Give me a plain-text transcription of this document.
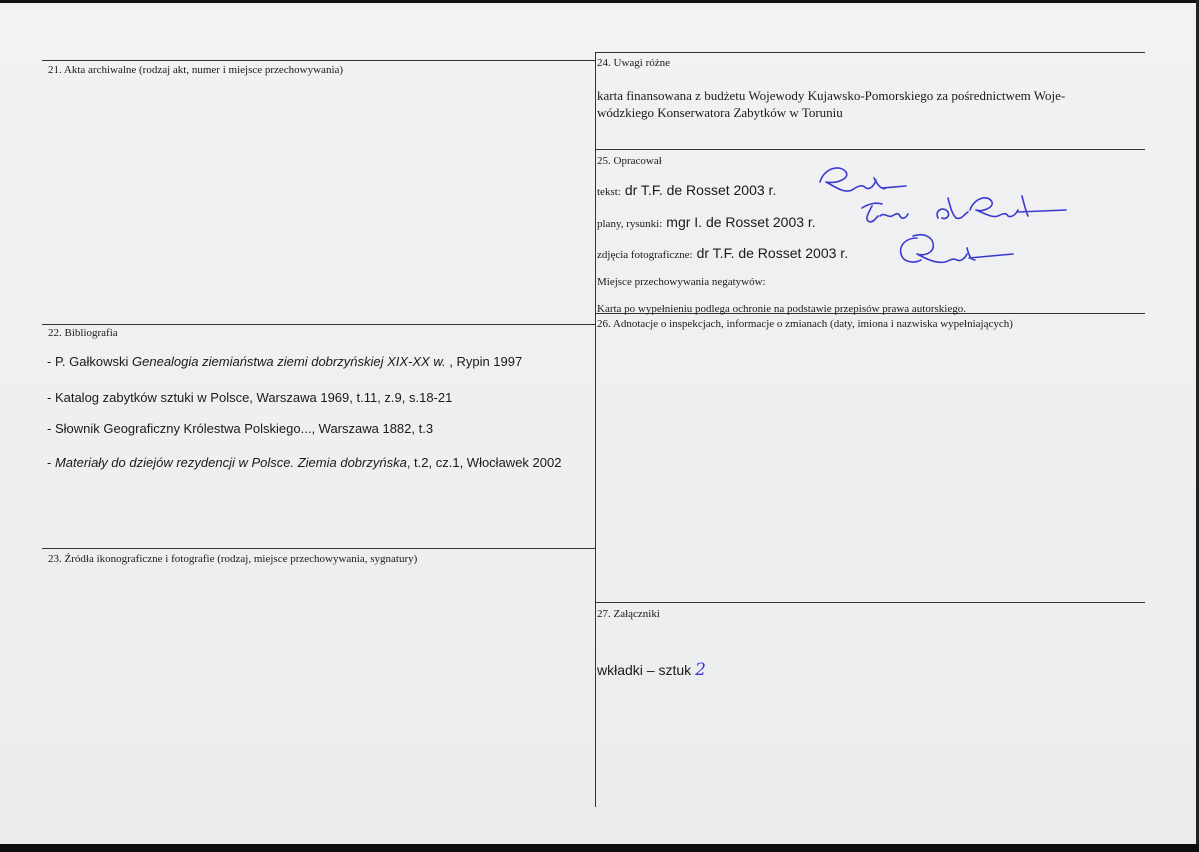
21. Akta archiwalne (rodzaj akt, numer i miejsce przechowywania)
24. Uwagi różne
karta finansowana z budżetu Wojewody Kujawsko-Pomorskiego za pośrednictwem Woje-
wódzkiego Konserwatora Zabytków w Toruniu
25. Opracował
tekst: dr T.F. de Rosset 2003 r.
plany, rysunki: mgr I. de Rosset 2003 r.
zdjęcia fotograficzne: dr T.F. de Rosset 2003 r.
Miejsce przechowywania negatywów:
Karta po wypełnieniu podlega ochronie na podstawie przepisów prawa autorskiego.
26. Adnotacje o inspekcjach, informacje o zmianach (daty, imiona i nazwiska wypełniających)
22. Bibliografia
- P. Gałkowski Genealogia ziemiaństwa ziemi dobrzyńskiej XIX-XX w. , Rypin 1997
- Katalog zabytków sztuki w Polsce, Warszawa 1969, t.11, z.9, s.18-21
- Słownik Geograficzny Królestwa Polskiego..., Warszawa 1882, t.3
- Materiały do dziejów rezydencji w Polsce. Ziemia dobrzyńska, t.2, cz.1, Włocławek 2002
23. Źródła ikonograficzne i fotografie (rodzaj, miejsce przechowywania, sygnatury)
27. Załączniki
wkładki – sztuk 2
